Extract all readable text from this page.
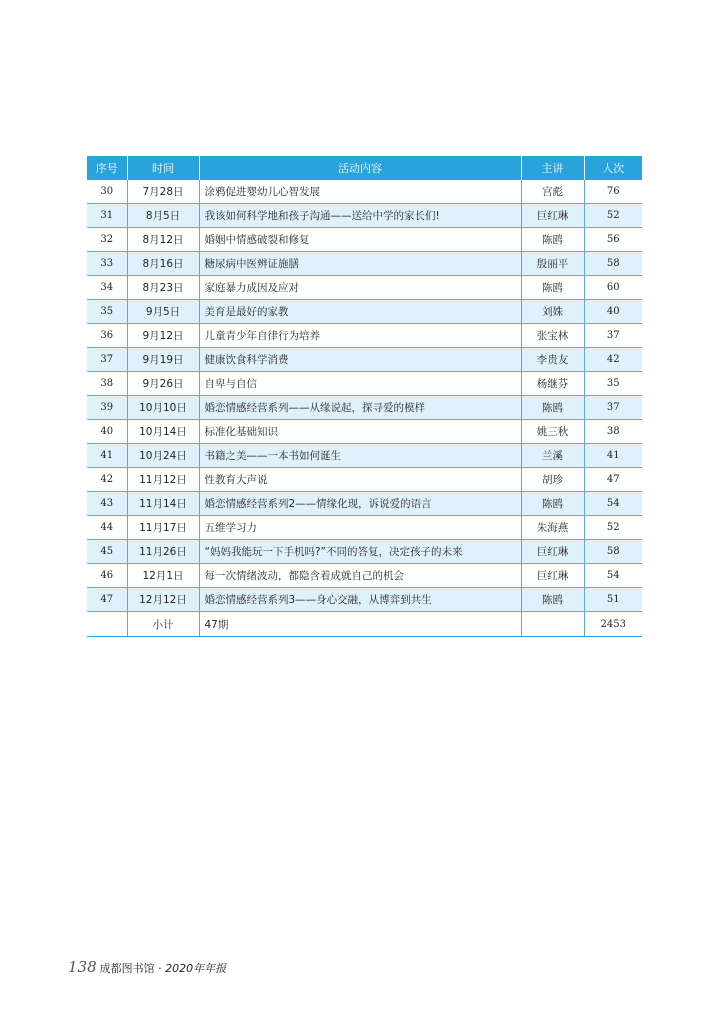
序号	时间	活动内容	主讲	人次
30	7月28日	涂鸦促进婴幼儿心智发展	宫彪	76
31	8月5日	我该如何科学地和孩子沟通——送给中学的家长们!	巨红琳	52
32	8月12日	婚姻中情感破裂和修复	陈鸥	56
33	8月16日	糖尿病中医辨证施膳	殷丽平	58
34	8月23日	家庭暴力成因及应对	陈鸥	60
35	9月5日	美育是最好的家教	刘姝	40
36	9月12日	儿童青少年自律行为培养	张宝林	37
37	9月19日	健康饮食科学消费	李贵友	42
38	9月26日	自卑与自信	杨继芬	35
39	10月10日	婚恋情感经营系列——从缘说起，探寻爱的模样	陈鸥	37
40	10月14日	标准化基础知识	姚三秋	38
41	10月24日	书籍之美——一本书如何诞生	兰溪	41
42	11月12日	性教育大声说	胡珍	47
43	11月14日	婚恋情感经营系列2——情缘化现，诉说爱的语言	陈鸥	54
44	11月17日	五维学习力	朱海燕	52
45	11月26日	“妈妈我能玩一下手机吗?”不同的答复，决定孩子的未来	巨红琳	58
46	12月1日	每一次情绪波动，都隐含着成就自己的机会	巨红琳	54
47	12月12日	婚恋情感经营系列3——身心交融，从博弈到共生	陈鸥	51
	小计	47期		2453
138 成都图书馆 · 2020年年报
